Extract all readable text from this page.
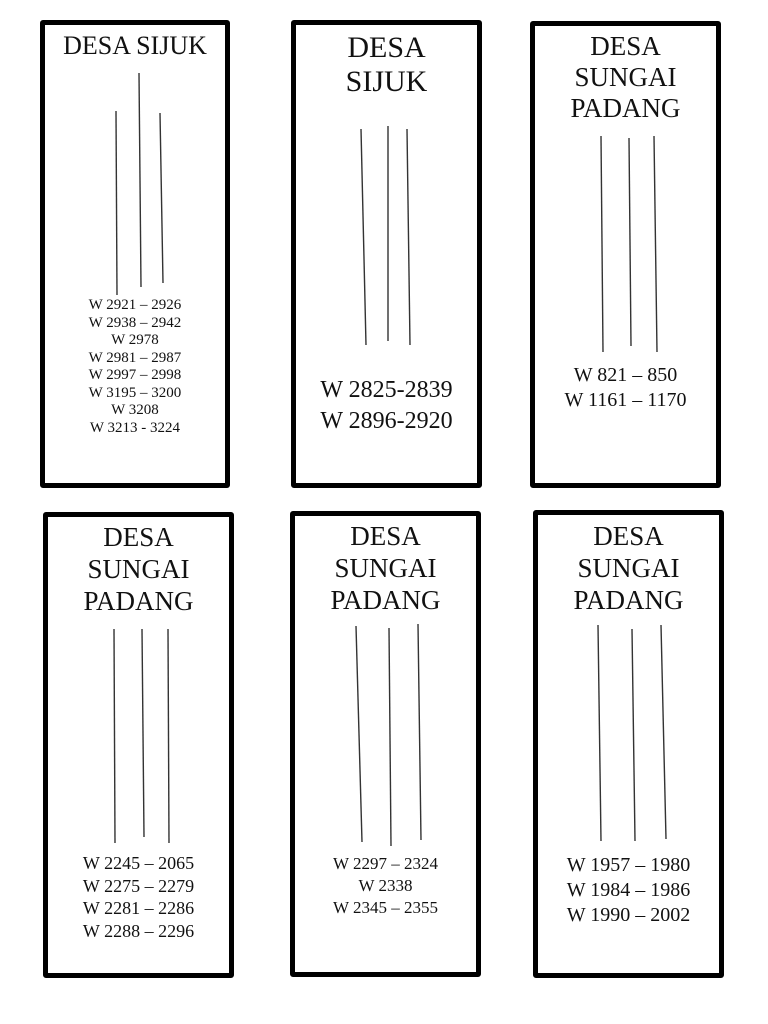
DESA SIJUK
W 2921 – 2926
W 2938 – 2942
W 2978
W 2981 – 2987
W 2997 – 2998
W 3195 – 3200
W 3208
W 3213 - 3224
DESA
SIJUK
W 2825-2839
W 2896-2920
DESA
SUNGAI
PADANG
W 821 – 850
W 1161 – 1170
DESA
SUNGAI
PADANG
W 2245 – 2065
W 2275 – 2279
W 2281 – 2286
W 2288 – 2296
DESA
SUNGAI
PADANG
W 2297 – 2324
W 2338
W 2345 – 2355
DESA
SUNGAI
PADANG
W 1957 – 1980
W 1984 – 1986
W 1990 – 2002
